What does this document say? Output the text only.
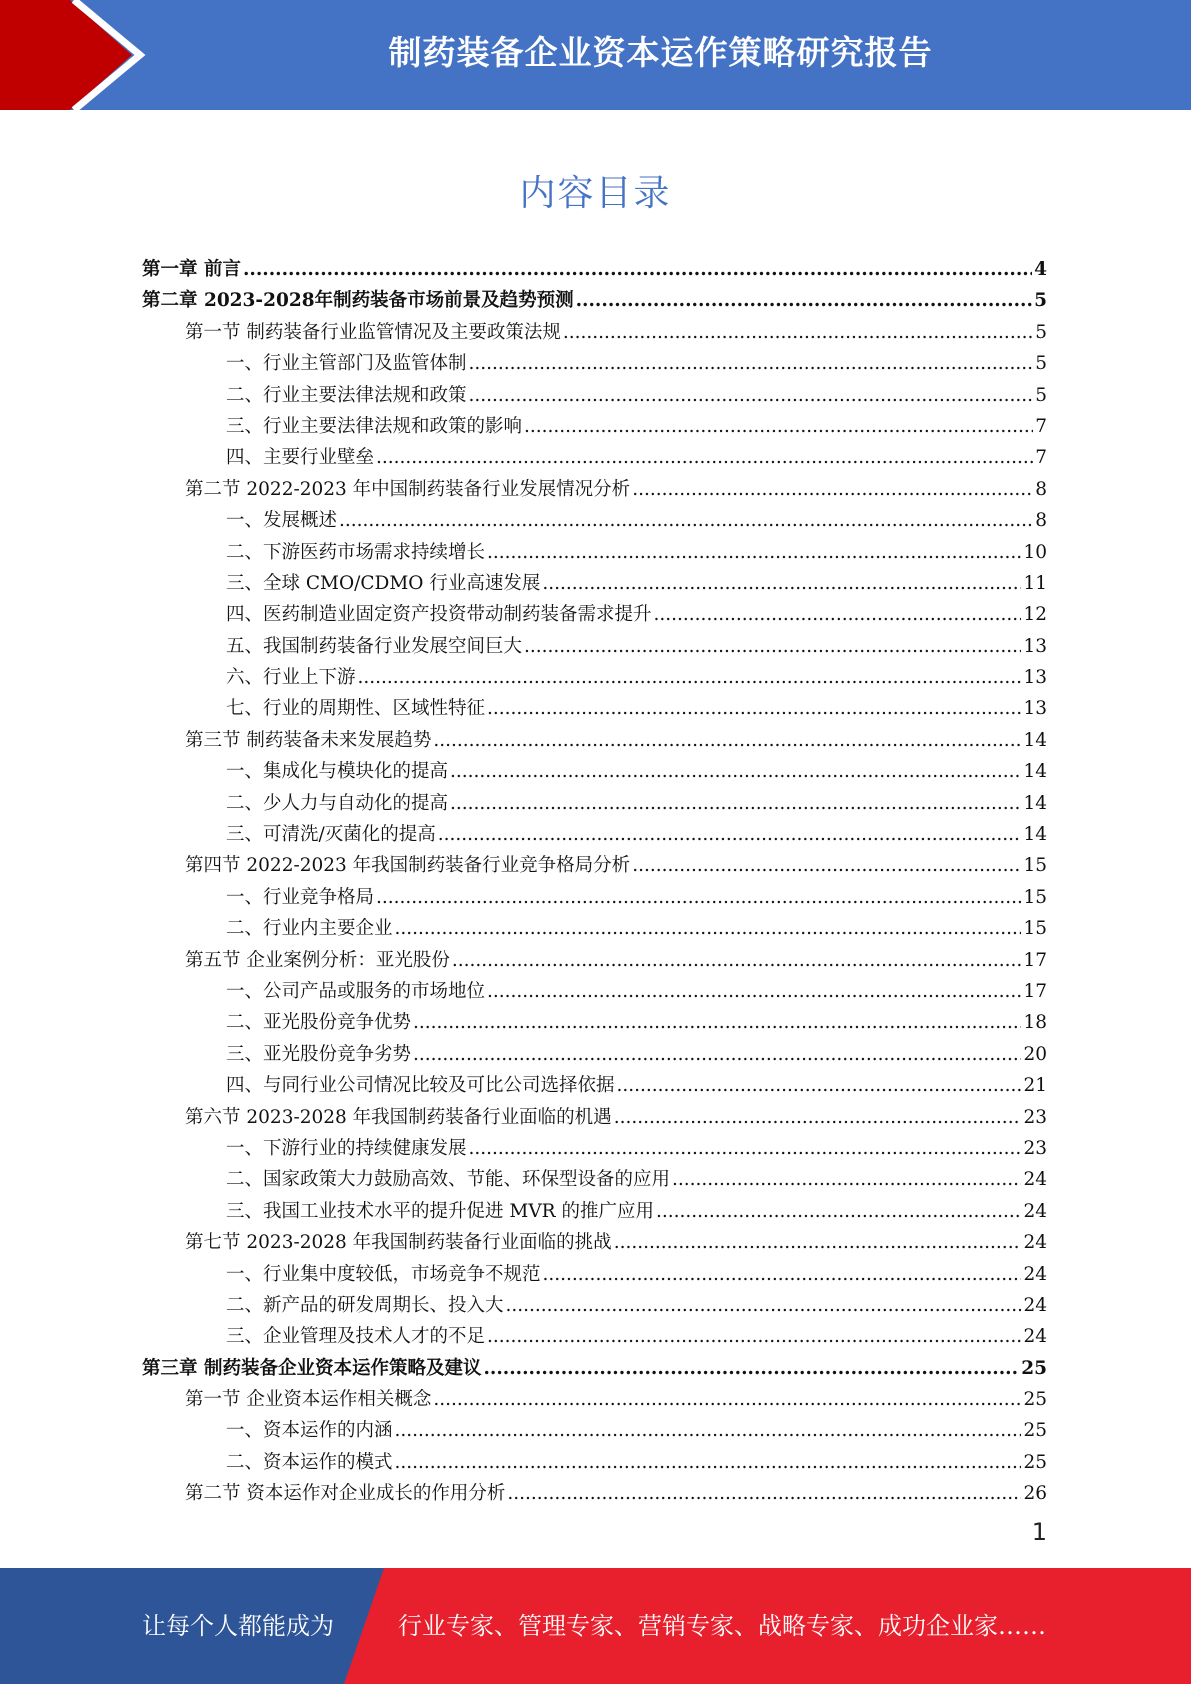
制药装备企业资本运作策略研究报告
内容目录
第一章 前言 .....	4
第二章 2023-2028年制药装备市场前景及趋势预测 .....	5
第一节 制药装备行业监管情况及主要政策法规 .....	5
一、行业主管部门及监管体制 .....	5
二、行业主要法律法规和政策 .....	5
三、行业主要法律法规和政策的影响 .....	7
四、主要行业壁垒 .....	7
第二节 2022-2023 年中国制药装备行业发展情况分析 .....	8
一、发展概述 .....	8
二、下游医药市场需求持续增长 .....	10
三、全球 CMO/CDMO 行业高速发展 .....	11
四、医药制造业固定资产投资带动制药装备需求提升 .....	12
五、我国制药装备行业发展空间巨大 .....	13
六、行业上下游 .....	13
七、行业的周期性、区域性特征 .....	13
第三节 制药装备未来发展趋势 .....	14
一、集成化与模块化的提高 .....	14
二、少人力与自动化的提高 .....	14
三、可清洗/灭菌化的提高 .....	14
第四节 2022-2023 年我国制药装备行业竞争格局分析 .....	15
一、行业竞争格局 .....	15
二、行业内主要企业 .....	15
第五节 企业案例分析：亚光股份 .....	17
一、公司产品或服务的市场地位 .....	17
二、亚光股份竞争优势 .....	18
三、亚光股份竞争劣势 .....	20
四、与同行业公司情况比较及可比公司选择依据 .....	21
第六节 2023-2028 年我国制药装备行业面临的机遇 .....	23
一、下游行业的持续健康发展 .....	23
二、国家政策大力鼓励高效、节能、环保型设备的应用 .....	24
三、我国工业技术水平的提升促进 MVR 的推广应用 .....	24
第七节 2023-2028 年我国制药装备行业面临的挑战 .....	24
一、行业集中度较低，市场竞争不规范 .....	24
二、新产品的研发周期长、投入大 .....	24
三、企业管理及技术人才的不足 .....	24
第三章 制药装备企业资本运作策略及建议 .....	25
第一节 企业资本运作相关概念 .....	25
一、资本运作的内涵 .....	25
二、资本运作的模式 .....	25
第二节 资本运作对企业成长的作用分析 .....	26
1
让每个人都能成为	行业专家、管理专家、营销专家、战略专家、成功企业家……
